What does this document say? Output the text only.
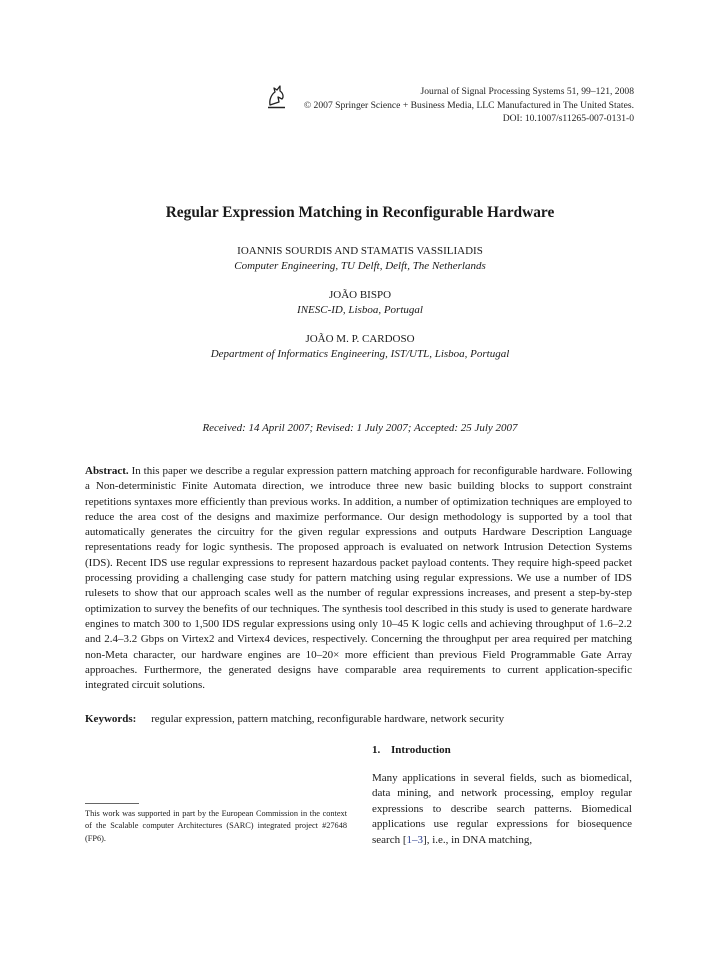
Journal of Signal Processing Systems 51, 99–121, 2008
© 2007 Springer Science + Business Media, LLC Manufactured in The United States.
DOI: 10.1007/s11265-007-0131-0
Regular Expression Matching in Reconfigurable Hardware
IOANNIS SOURDIS AND STAMATIS VASSILIADIS
Computer Engineering, TU Delft, Delft, The Netherlands
JOÃO BISPO
INESC-ID, Lisboa, Portugal
JOÃO M. P. CARDOSO
Department of Informatics Engineering, IST/UTL, Lisboa, Portugal
Received: 14 April 2007; Revised: 1 July 2007; Accepted: 25 July 2007
Abstract. In this paper we describe a regular expression pattern matching approach for reconfigurable hardware. Following a Non-deterministic Finite Automata direction, we introduce three new basic building blocks to support constraint repetitions syntaxes more efficiently than previous works. In addition, a number of optimization techniques are employed to reduce the area cost of the designs and maximize performance. Our design methodology is supported by a tool that automatically generates the circuitry for the given regular expressions and outputs Hardware Description Language representations ready for logic synthesis. The proposed approach is evaluated on network Intrusion Detection Systems (IDS). Recent IDS use regular expressions to represent hazardous packet payload contents. They require high-speed packet processing providing a challenging case study for pattern matching using regular expressions. We use a number of IDS rulesets to show that our approach scales well as the number of regular expressions increases, and present a step-by-step optimization to survey the benefits of our techniques. The synthesis tool described in this study is used to generate hardware engines to match 300 to 1,500 IDS regular expressions using only 10–45 K logic cells and achieving throughput of 1.6–2.2 and 2.4–3.2 Gbps on Virtex2 and Virtex4 devices, respectively. Concerning the throughput per area required per matching non-Meta character, our hardware engines are 10–20× more efficient than previous Field Programmable Gate Array approaches. Furthermore, the generated designs have comparable area requirements to current application-specific integrated circuit solutions.
Keywords: regular expression, pattern matching, reconfigurable hardware, network security
1. Introduction
Many applications in several fields, such as biomedical, data mining, and network processing, employ regular expressions to describe search patterns. Biomedical applications use regular expressions for biosequence search [1–3], i.e., in DNA matching,
This work was supported in part by the European Commission in the context of the Scalable computer Architectures (SARC) integrated project #27648 (FP6).
